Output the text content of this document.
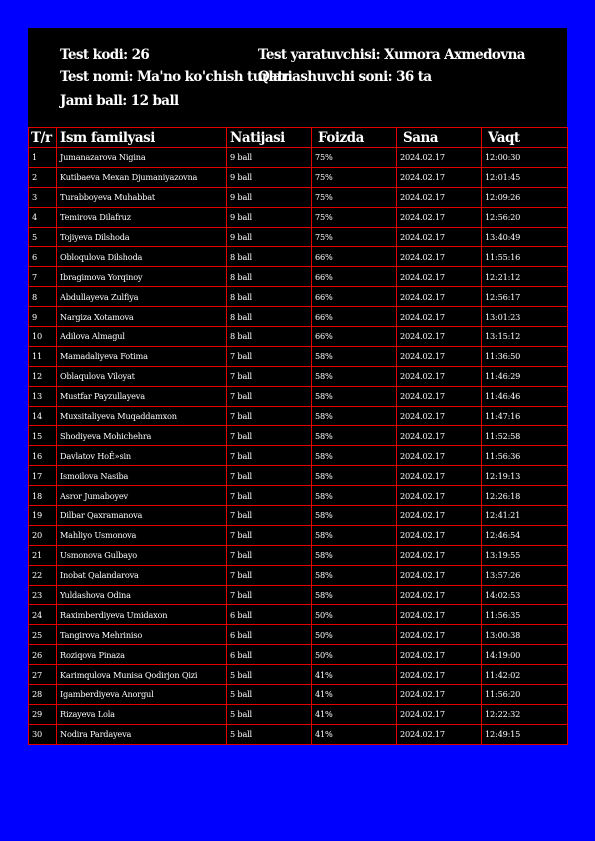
Test kodi: 26
Test nomi: Ma'no ko'chish turlari
Jami ball: 12 ball
Test yaratuvchisi: Xumora Axmedovna
Qatnashuvchi soni: 36 ta
T/r	Ism familyasi	Natijasi	Foizda	Sana	Vaqt
1	Jumanazarova Nigina	9 ball	75%	2024.02.17	12:00:30
2	Kutibaeva Mexan Djumaniyazovna	9 ball	75%	2024.02.17	12:01:45
3	Turabboyeva Muhabbat	9 ball	75%	2024.02.17	12:09:26
4	Temirova Dilafruz	9 ball	75%	2024.02.17	12:56:20
5	Tojiyeva Dilshoda	9 ball	75%	2024.02.17	13:40:49
6	Obloqulova Dilshoda	8 ball	66%	2024.02.17	11:55:16
7	Ibragimova Yorqinoy	8 ball	66%	2024.02.17	12:21:12
8	Abdullayeva Zulfiya	8 ball	66%	2024.02.17	12:56:17
9	Nargiza Xotamova	8 ball	66%	2024.02.17	13:01:23
10	Adilova Almagul	8 ball	66%	2024.02.17	13:15:12
11	Mamadaliyeva Fotima	7 ball	58%	2024.02.17	11:36:50
12	Oblaqulova Viloyat	7 ball	58%	2024.02.17	11:46:29
13	Mustfar Payzullayeva	7 ball	58%	2024.02.17	11:46:46
14	Muxsitaliyeva Muqaddamxon	7 ball	58%	2024.02.17	11:47:16
15	Shodiyeva Mohichehra	7 ball	58%	2024.02.17	11:52:58
16	Davlatov HoÊ»sin	7 ball	58%	2024.02.17	11:56:36
17	Ismoilova Nasiba	7 ball	58%	2024.02.17	12:19:13
18	Asror Jumaboyev	7 ball	58%	2024.02.17	12:26:18
19	Dilbar Qaxramanova	7 ball	58%	2024.02.17	12:41:21
20	Mahliyo Usmonova	7 ball	58%	2024.02.17	12:46:54
21	Usmonova Gulbayo	7 ball	58%	2024.02.17	13:19:55
22	Inobat Qalandarova	7 ball	58%	2024.02.17	13:57:26
23	Yuldashova Odina	7 ball	58%	2024.02.17	14:02:53
24	Raximberdiyeva Umidaxon	6 ball	50%	2024.02.17	11:56:35
25	Tangirova Mehriniso	6 ball	50%	2024.02.17	13:00:38
26	Roziqova Pinaza	6 ball	50%	2024.02.17	14:19:00
27	Karimqulova Munisa Qodirjon Qizi	5 ball	41%	2024.02.17	11:42:02
28	Igamberdiyeva Anorgul	5 ball	41%	2024.02.17	11:56:20
29	Rizayeva Lola	5 ball	41%	2024.02.17	12:22:32
30	Nodira Pardayeva	5 ball	41%	2024.02.17	12:49:15
